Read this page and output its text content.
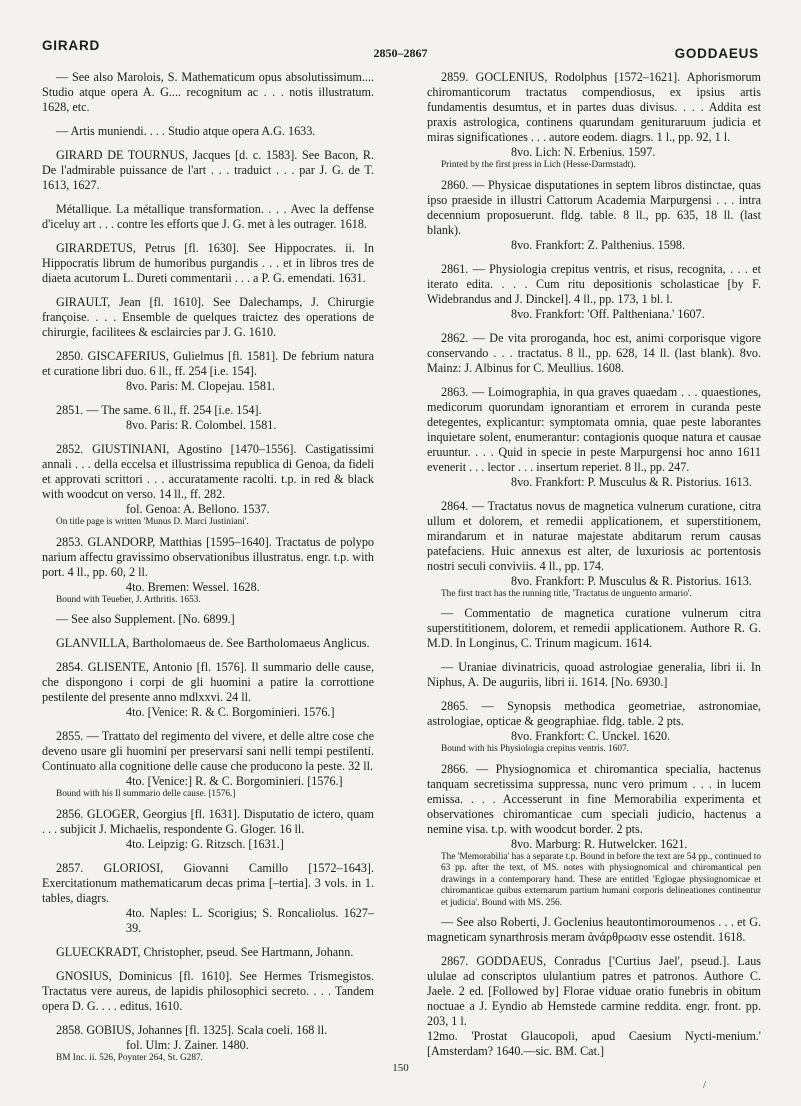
GIRARD	2850–2867	GODDAEUS

— See also Marolois, S. Mathematicum opus absolutissimum.... Studio atque opera A. G.... recognitum ac . . . notis illustratum. 1628, etc.

— Artis muniendi. . . . Studio atque opera A.G. 1633.

GIRARD DE TOURNUS, Jacques [d. c. 1583]. See Bacon, R. De l'admirable puissance de l'art . . . traduict . . . par J. G. de T. 1613, 1627.

Métallique. La métallique transformation. . . . Avec la deffense d'iceluy art . . . contre les efforts que J. G. met à les outrager. 1618.

GIRARDETUS, Petrus [fl. 1630]. See Hippocrates. ii. In Hippocratis librum de humoribus purgandis . . . et in libros tres de diaeta acutorum L. Dureti commentarii . . . a P. G. emendati. 1631.

GIRAULT, Jean [fl. 1610]. See Dalechamps, J. Chirurgie françoise. . . . Ensemble de quelques traictez des operations de chirurgie, facilitees & esclaircies par J. G. 1610.

2850. GISCAFERIUS, Gulielmus [fl. 1581]. De febrium natura et curatione libri duo. 6 ll., ff. 254 [i.e. 154].

8vo. Paris: M. Clopejau. 1581.

2851. — The same. 6 ll., ff. 254 [i.e. 154].

8vo. Paris: R. Colombel. 1581.

2852. GIUSTINIANI, Agostino [1470–1556]. Castigatissimi annali . . . della eccelsa et illustrissima republica di Genoa, da fideli et approvati scrittori . . . accuratamente racolti. t.p. in red & black with woodcut on verso. 14 ll., ff. 282.

fol. Genoa: A. Bellono. 1537.

On title page is written 'Munus D. Marci Justiniani'.

2853. GLANDORP, Matthias [1595–1640]. Tractatus de polypo narium affectu gravissimo observationibus illustratus. engr. t.p. with port. 4 ll., pp. 60, 2 ll.

4to. Bremen: Wessel. 1628.

Bound with Teueber, J. Arthritis. 1653.

— See also Supplement. [No. 6899.]

GLANVILLA, Bartholomaeus de. See Bartholomaeus Anglicus.

2854. GLISENTE, Antonio [fl. 1576]. Il summario delle cause, che dispongono i corpi de gli huomini a patire la corrottione pestilente del presente anno mdlxxvi. 24 ll.

4to. [Venice: R. & C. Borgominieri. 1576.]

2855. — Trattato del regimento del vivere, et delle altre cose che deveno usare gli huomini per preservarsi sani nelli tempi pestilenti. Continuato alla cognitione delle cause che producono la peste. 32 ll.

4to. [Venice:] R. & C. Borgominieri. [1576.]

Bound with his Il summario delle cause. [1576.]

2856. GLOGER, Georgius [fl. 1631]. Disputatio de ictero, quam . . . subjicit J. Michaelis, respondente G. Gloger. 16 ll.

4to. Leipzig: G. Ritzsch. [1631.]

2857. GLORIOSI, Giovanni Camillo [1572–1643]. Exercitationum mathematicarum decas prima [–tertia]. 3 vols. in 1. tables, diagrs.

4to. Naples: L. Scorigius; S. Roncaliolus. 1627–39.

GLUECKRADT, Christopher, pseud. See Hartmann, Johann.

GNOSIUS, Dominicus [fl. 1610]. See Hermes Trismegistos. Tractatus vere aureus, de lapidis philosophici secreto. . . . Tandem opera D. G. . . . editus. 1610.

2858. GOBIUS, Johannes [fl. 1325]. Scala coeli. 168 ll.

fol. Ulm: J. Zainer. 1480.

BM Inc. ii. 526, Poynter 264, St. G287.

2859. GOCLENIUS, Rodolphus [1572–1621]. Aphorismorum chiromanticorum tractatus compendiosus, ex ipsius artis fundamentis desumtus, et in partes duas divisus. . . . Addita est praxis astrologica, continens quarundam genituraruum judicia et miras significationes . . . autore eodem. diagrs. 1 l., pp. 92, 1 l.

8vo. Lich: N. Erbenius. 1597.

Printed by the first press in Lich (Hesse-Darmstadt).

2860. — Physicae disputationes in septem libros distinctae, quas ipso praeside in illustri Cattorum Academia Marpurgensi . . . intra decennium proposuerunt. fldg. table. 8 ll., pp. 635, 18 ll. (last blank).

8vo. Frankfort: Z. Palthenius. 1598.

2861. — Physiologia crepitus ventris, et risus, recognita, . . . et iterato edita. . . . Cum ritu depositionis scholasticae [by F. Widebrandus and J. Dinckel]. 4 ll., pp. 173, 1 bl. l.

8vo. Frankfort: 'Off. Paltheniana.' 1607.

2862. — De vita proroganda, hoc est, animi corporisque vigore conservando . . . tractatus. 8 ll., pp. 628, 14 ll. (last blank). 8vo. Mainz: J. Albinus for C. Meullius. 1608.

2863. — Loimographia, in qua graves quaedam . . . quaestiones, medicorum quorundam ignorantiam et errorem in curanda peste detegentes, explicantur: symptomata omnia, quae peste laborantes inquietare solent, enumerantur: contagionis quoque natura et causae eruuntur. . . . Quid in specie in peste Marpurgensi hoc anno 1611 evenerit . . . lector . . . insertum reperiet. 8 ll., pp. 247.

8vo. Frankfort: P. Musculus & R. Pistorius. 1613.

2864. — Tractatus novus de magnetica vulnerum curatione, citra ullum et dolorem, et remedii applicationem, et superstitionem, mirandarum et in naturae majestate abditarum rerum causas patefaciens. Huic annexus est alter, de luxuriosis ac portentosis nostri seculi conviviis. 4 ll., pp. 174.

8vo. Frankfort: P. Musculus & R. Pistorius. 1613.

The first tract has the running title, 'Tractatus de unguento armario'.

— Commentatio de magnetica curatione vulnerum citra superstititionem, dolorem, et remedii applicationem. Authore R. G. M.D. In Longinus, C. Trinum magicum. 1614.

— Uraniae divinatricis, quoad astrologiae generalia, libri ii. In Niphus, A. De auguriis, libri ii. 1614. [No. 6930.]

2865. — Synopsis methodica geometriae, astronomiae, astrologiae, opticae & geographiae. fldg. table. 2 pts.

8vo. Frankfort: C. Unckel. 1620.

Bound with his Physiologia crepitus ventris. 1607.

2866. — Physiognomica et chiromantica specialia, hactenus tanquam secretissima suppressa, nunc vero primum . . . in lucem emissa. . . . Accesserunt in fine Memorabilia experimenta et observationes chiromanticae cum speciali judicio, hactenus a nemine visa. t.p. with woodcut border. 2 pts.

8vo. Marburg: R. Hutwelcker. 1621.

The 'Memorabilia' has a separate t.p. Bound in before the text are 54 pp., continued to 63 pp. after the text, of MS. notes with physiognomical and chiromantical pen drawings in a contemporary hand. These are entitled 'Eglogae physiognomicae et chiromanticae quibus externarum partium humani corporis delineationes continentur et judicia'. Bound with MS. 256.

— See also Roberti, J. Goclenius heautontimoroumenos . . . et G. magneticam synarthrosis meram ἀνάρθρωσιν esse ostendit. 1618.

2867. GODDAEUS, Conradus ['Curtius Jael', pseud.]. Laus ululae ad conscriptos ululantium patres et patronos. Authore C. Jaele. 2 ed. [Followed by] Florae viduae oratio funebris in obitum noctuae a J. Eyndio ab Hemstede carmine reddita. engr. front. pp. 203, 1 l.

12mo. 'Prostat Glaucopoli, apud Caesium Nycti-menium.' [Amsterdam? 1640.—sic. BM. Cat.]

150
/
